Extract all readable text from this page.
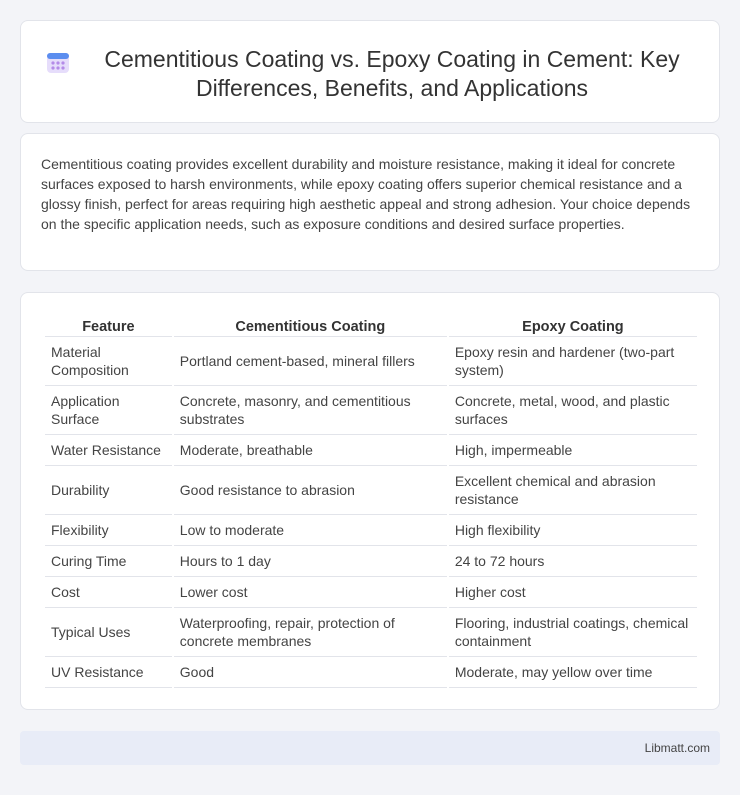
Cementitious Coating vs. Epoxy Coating in Cement: Key Differences, Benefits, and Applications

Cementitious coating provides excellent durability and moisture resistance, making it ideal for concrete surfaces exposed to harsh environments, while epoxy coating offers superior chemical resistance and a glossy finish, perfect for areas requiring high aesthetic appeal and strong adhesion. Your choice depends on the specific application needs, such as exposure conditions and desired surface properties.

Feature	Cementitious Coating	Epoxy Coating
Material Composition	Portland cement-based, mineral fillers	Epoxy resin and hardener (two-part system)
Application Surface	Concrete, masonry, and cementitious substrates	Concrete, metal, wood, and plastic surfaces
Water Resistance	Moderate, breathable	High, impermeable
Durability	Good resistance to abrasion	Excellent chemical and abrasion resistance
Flexibility	Low to moderate	High flexibility
Curing Time	Hours to 1 day	24 to 72 hours
Cost	Lower cost	Higher cost
Typical Uses	Waterproofing, repair, protection of concrete membranes	Flooring, industrial coatings, chemical containment
UV Resistance	Good	Moderate, may yellow over time
Libmatt.com
